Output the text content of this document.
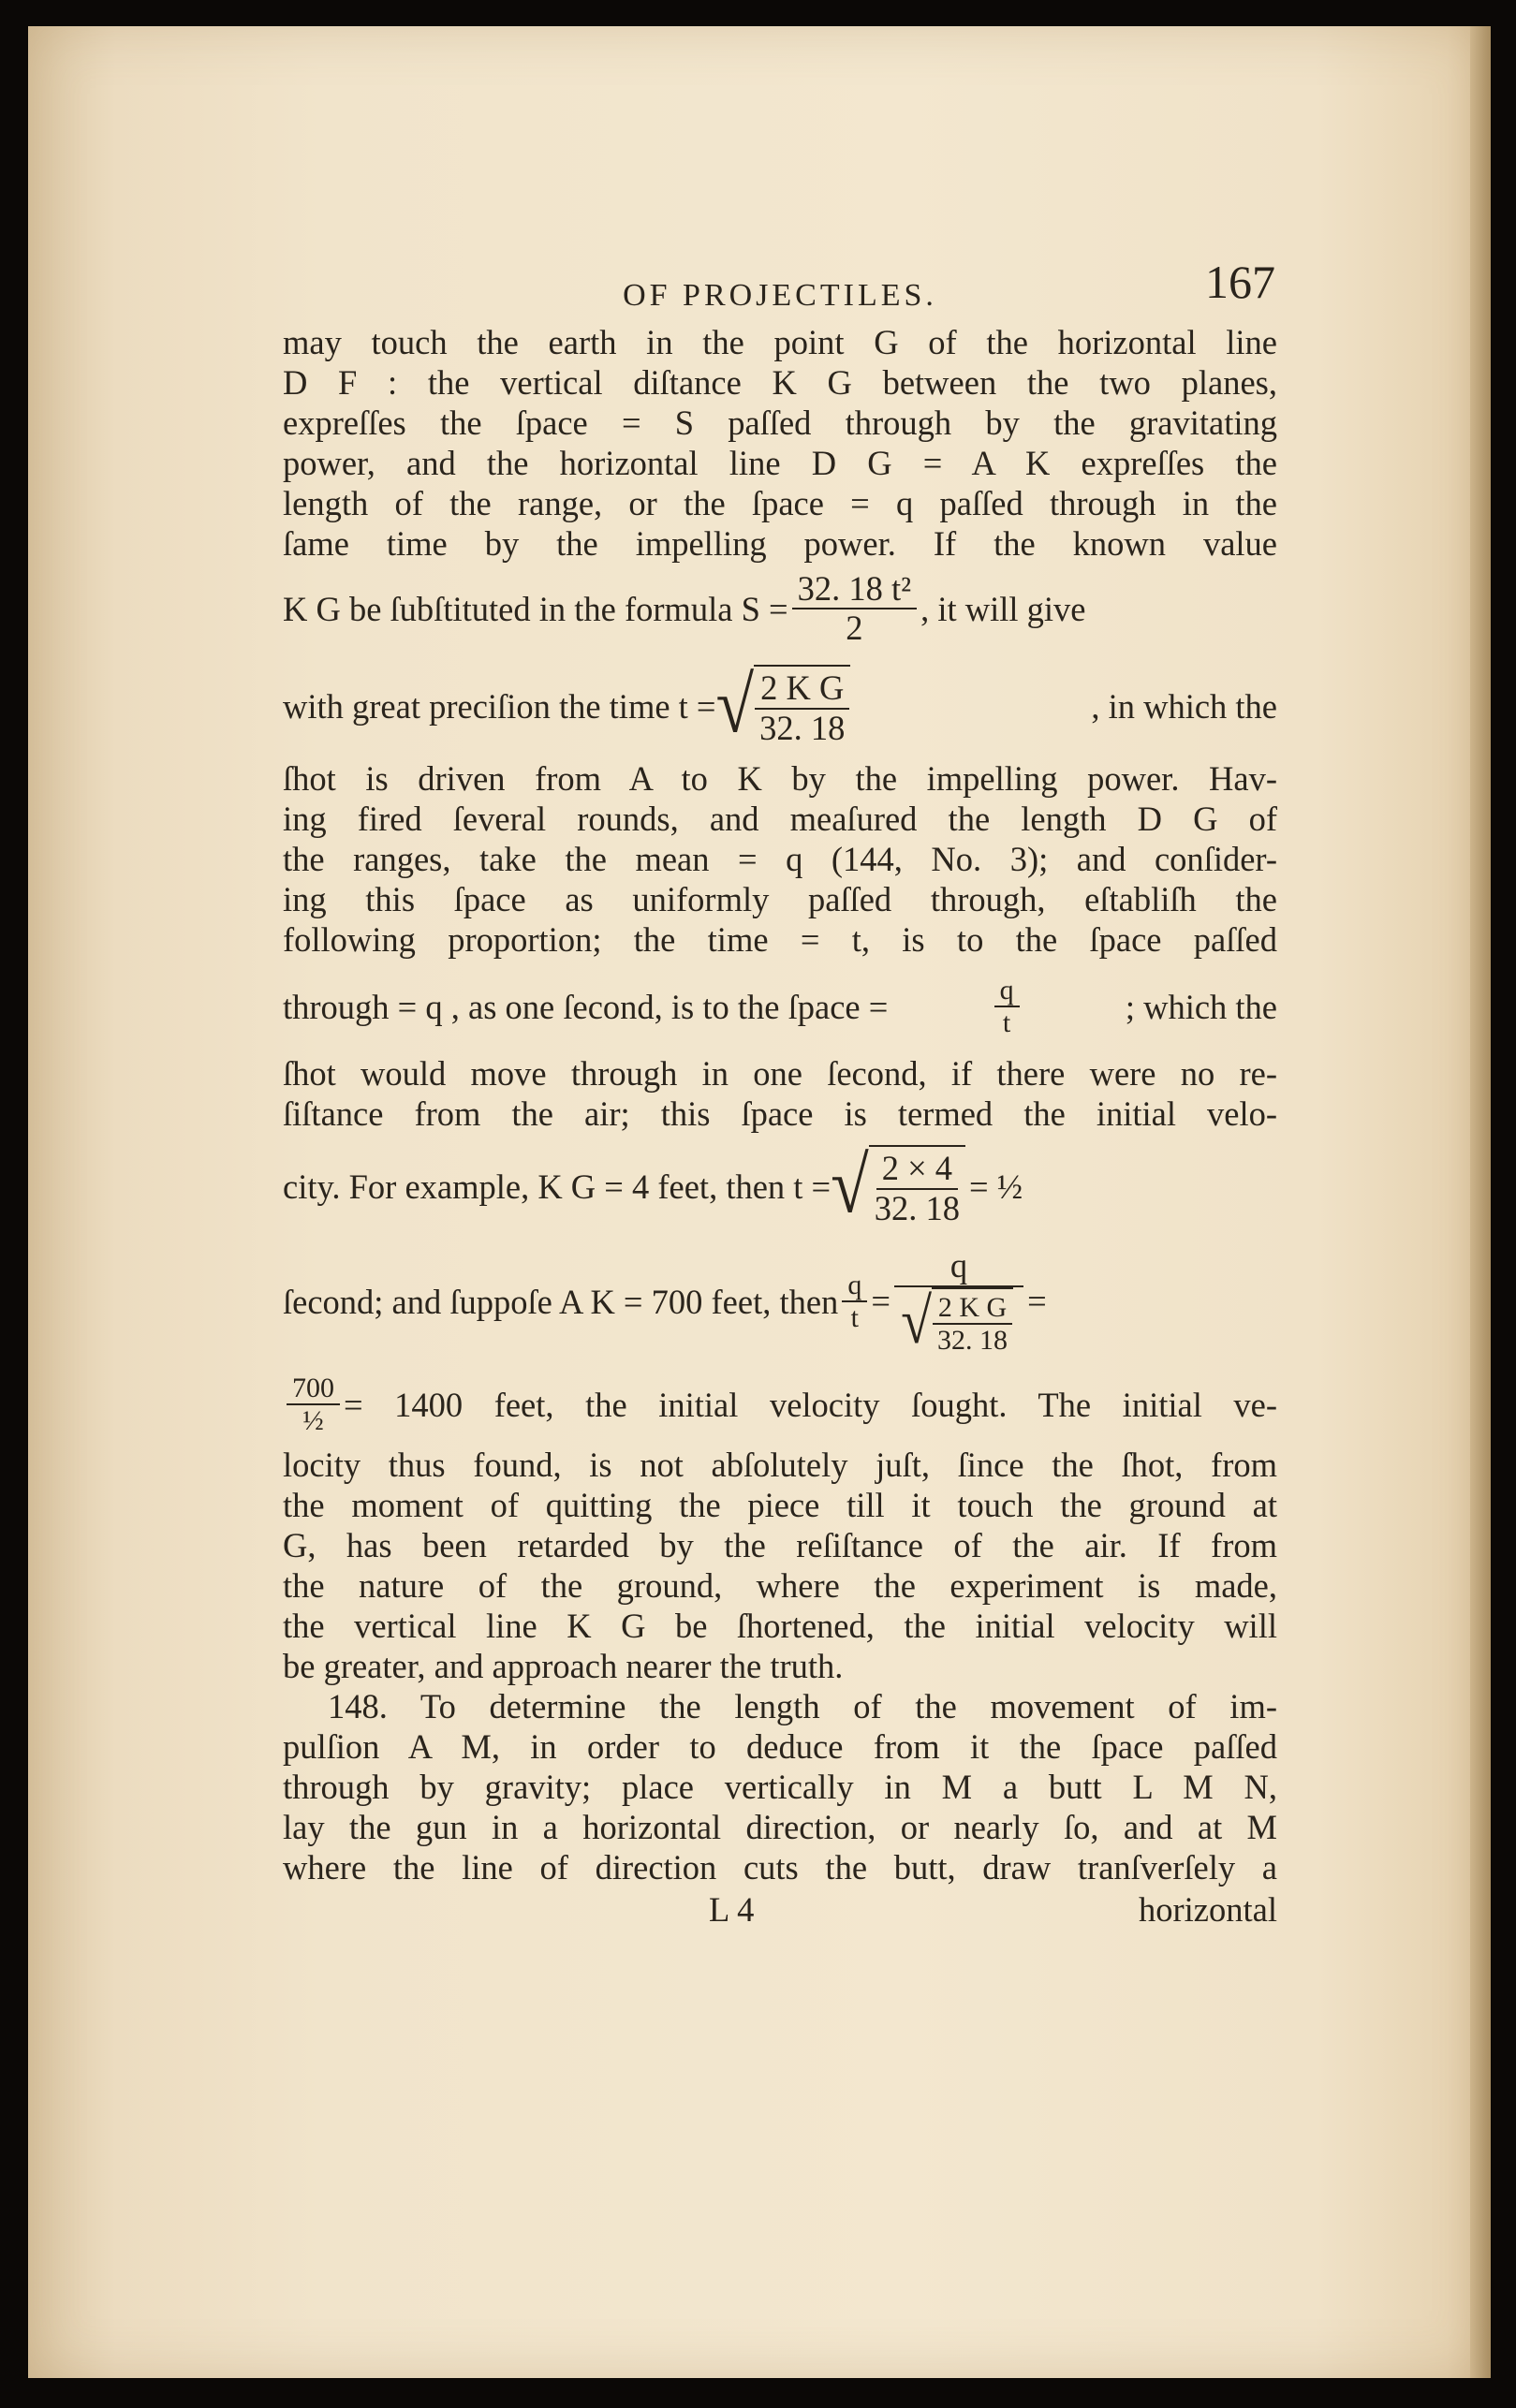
OF PROJECTILES.	167
may touch the earth in the point G of the horizontal line
D F : the vertical diſtance K G between the two planes,
expreſſes the ſpace = S paſſed through by the gravitating
power, and the horizontal line D G = A K expreſſes the
length of the range, or the ſpace = q paſſed through in the
ſame time by the impelling power. If the known value
K G be ſubſtituted in the formula $S = \frac{\text{32. 18 t²}}{2}$ , it will give
with great preciſion the time t = √ $\frac{\text{2 K G}}{32. 18}$	, in which the
ſhot is driven from A to K by the impelling power. Hav-
ing fired ſeveral rounds, and meaſured the length D G of
the ranges, take the mean = q (144, No. 3); and conſider-
ing this ſpace as uniformly paſſed through, eſtabliſh the
following proportion; the time = t, is to the ſpace paſſed
through = q , as one ſecond, is to the ſpace =	$\frac{q}{t}$	; which the
ſhot would move through in one ſecond, if there were no re-
ſiſtance from the air; this ſpace is termed the initial velo-
city. For example, K G = 4 feet, then t = √ $\frac{2 \times 4}{32. 18}$ = ½
ſecond; and ſuppoſe A K = 700 feet, then $\frac{q}{t}$ =
q
√ $\frac{\text{2 K G}}{32. 18}$ =
$\frac{700}{\text{½}} = 1400$ feet, the initial velocity ſought. The initial ve-
locity thus found, is not abſolutely juſt, ſince the ſhot, from
the moment of quitting the piece till it touch the ground at
G, has been retarded by the reſiſtance of the air. If from
the nature of the ground, where the experiment is made,
the vertical line K G be ſhortened, the initial velocity will
be greater, and approach nearer the truth.
148. To determine the length of the movement of im-
pulſion A M, in order to deduce from it the ſpace paſſed
through by gravity; place vertically in M a butt L M N,
lay the gun in a horizontal direction, or nearly ſo, and at M
where the line of direction cuts the butt, draw tranſverſely a
L 4	horizontal
